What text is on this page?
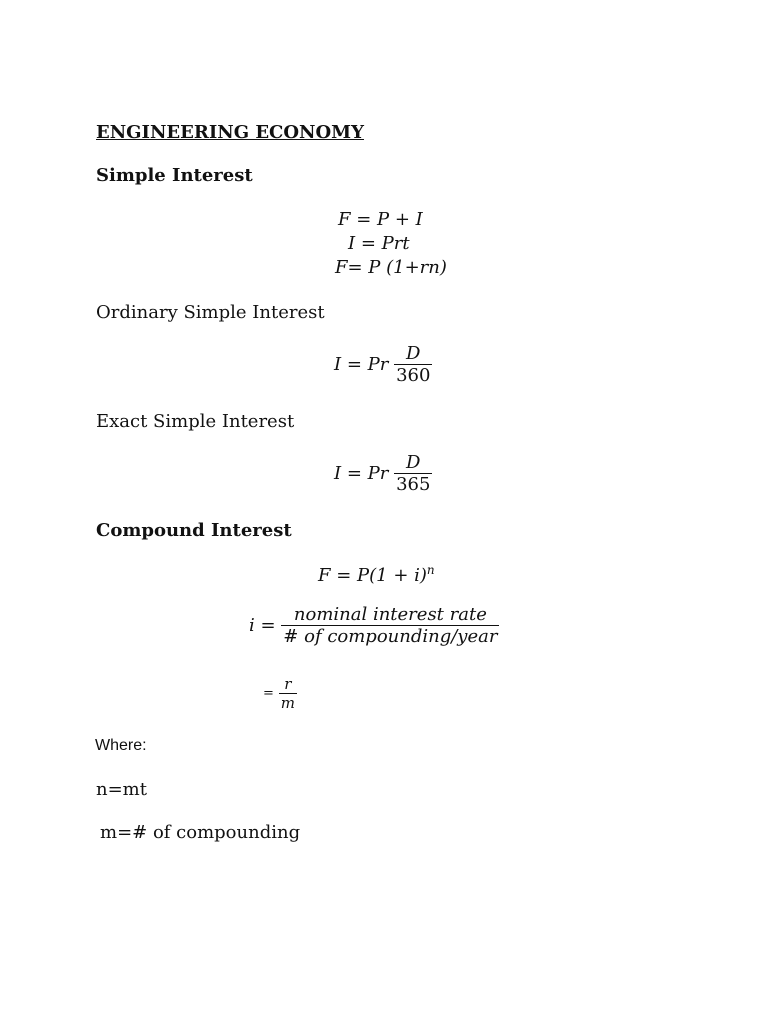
ENGINEERING ECONOMY
Simple Interest
F = P + I
I = Prt
F= P (1+rn)
Ordinary Simple Interest
I = Pr $\frac{D}{360}$
Exact Simple Interest
I = Pr $\frac{D}{365}$
Compound Interest
$F = P(1 + i)^n$
$i = \frac{\text{nominal interest rate}}{\text{\# of compounding/year}}$
= $\frac{r}{m}$
Where:
n=mt
m=# of compounding
